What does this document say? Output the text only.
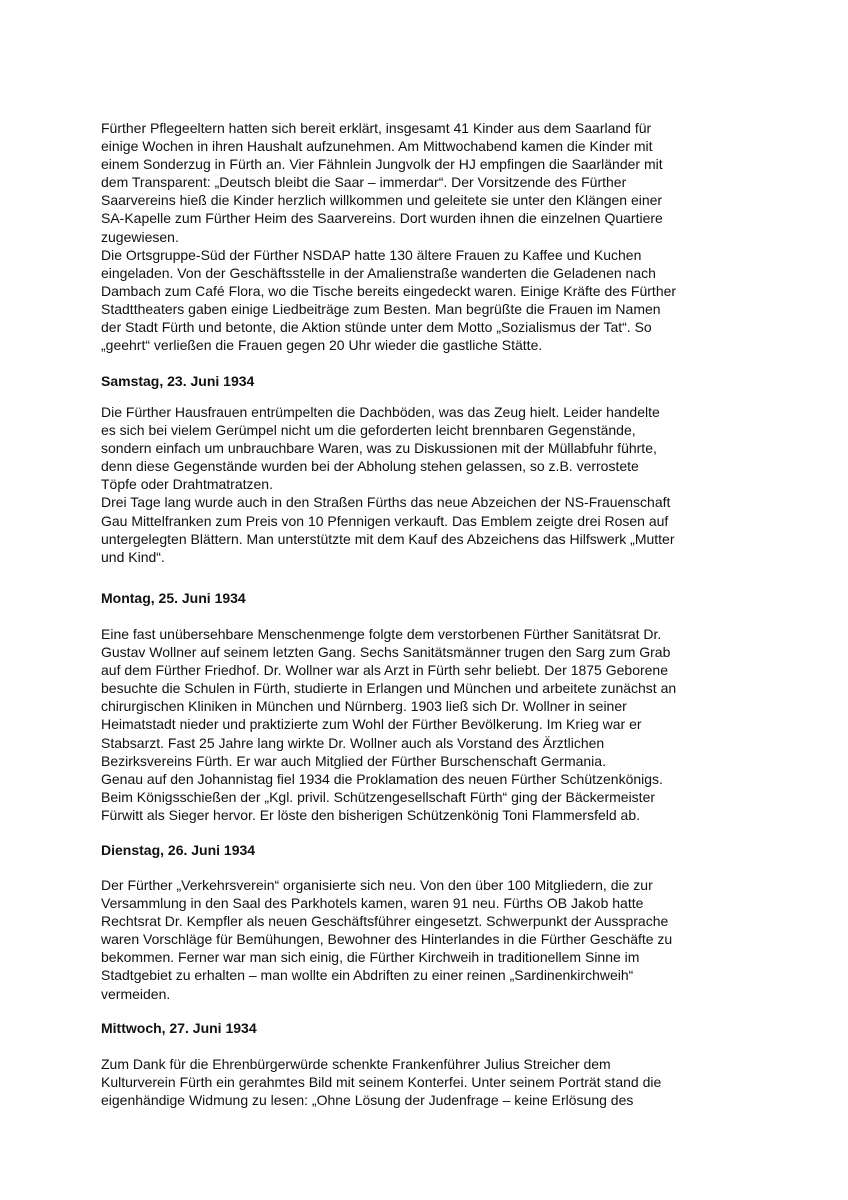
Fürther Pflegeeltern hatten sich bereit erklärt, insgesamt 41 Kinder aus dem Saarland für
einige Wochen in ihren Haushalt aufzunehmen. Am Mittwochabend kamen die Kinder mit
einem Sonderzug in Fürth an. Vier Fähnlein Jungvolk der HJ empfingen die Saarländer mit
dem Transparent: „Deutsch bleibt die Saar – immerdar“. Der Vorsitzende des Fürther
Saarvereins hieß die Kinder herzlich willkommen und geleitete sie unter den Klängen einer
SA-Kapelle zum Fürther Heim des Saarvereins. Dort wurden ihnen die einzelnen Quartiere
zugewiesen.
Die Ortsgruppe-Süd der Fürther NSDAP hatte 130 ältere Frauen zu Kaffee und Kuchen
eingeladen. Von der Geschäftsstelle in der Amalienstraße wanderten die Geladenen nach
Dambach zum Café Flora, wo die Tische bereits eingedeckt waren. Einige Kräfte des Fürther
Stadttheaters gaben einige Liedbeiträge zum Besten. Man begrüßte die Frauen im Namen
der Stadt Fürth und betonte, die Aktion stünde unter dem Motto „Sozialismus der Tat“. So
„geehrt“ verließen die Frauen gegen 20 Uhr wieder die gastliche Stätte.
Samstag, 23. Juni 1934
Die Fürther Hausfrauen entrümpelten die Dachböden, was das Zeug hielt. Leider handelte
es sich bei vielem Gerümpel nicht um die geforderten leicht brennbaren Gegenstände,
sondern einfach um unbrauchbare Waren, was zu Diskussionen mit der Müllabfuhr führte,
denn diese Gegenstände wurden bei der Abholung stehen gelassen, so z.B. verrostete
Töpfe oder Drahtmatratzen.
Drei Tage lang wurde auch in den Straßen Fürths das neue Abzeichen der NS-Frauenschaft
Gau Mittelfranken zum Preis von 10 Pfennigen verkauft. Das Emblem zeigte drei Rosen auf
untergelegten Blättern. Man unterstützte mit dem Kauf des Abzeichens das Hilfswerk „Mutter
und Kind“.
Montag, 25. Juni 1934
Eine fast unübersehbare Menschenmenge folgte dem verstorbenen Fürther Sanitätsrat Dr.
Gustav Wollner auf seinem letzten Gang. Sechs Sanitätsmänner trugen den Sarg zum Grab
auf dem Fürther Friedhof. Dr. Wollner war als Arzt in Fürth sehr beliebt. Der 1875 Geborene
besuchte die Schulen in Fürth, studierte in Erlangen und München und arbeitete zunächst an
chirurgischen Kliniken in München und Nürnberg. 1903 ließ sich Dr. Wollner in seiner
Heimatstadt nieder und praktizierte zum Wohl der Fürther Bevölkerung. Im Krieg war er
Stabsarzt. Fast 25 Jahre lang wirkte Dr. Wollner auch als Vorstand des Ärztlichen
Bezirksvereins Fürth. Er war auch Mitglied der Fürther Burschenschaft Germania.
Genau auf den Johannistag fiel 1934 die Proklamation des neuen Fürther Schützenkönigs.
Beim Königsschießen der „Kgl. privil. Schützengesellschaft Fürth“ ging der Bäckermeister
Fürwitt als Sieger hervor. Er löste den bisherigen Schützenkönig Toni Flammersfeld ab.
Dienstag, 26. Juni 1934
Der Fürther „Verkehrsverein“ organisierte sich neu. Von den über 100 Mitgliedern, die zur
Versammlung in den Saal des Parkhotels kamen, waren 91 neu. Fürths OB Jakob hatte
Rechtsrat Dr. Kempfler als neuen Geschäftsführer eingesetzt. Schwerpunkt der Aussprache
waren Vorschläge für Bemühungen, Bewohner des Hinterlandes in die Fürther Geschäfte zu
bekommen. Ferner war man sich einig, die Fürther Kirchweih in traditionellem Sinne im
Stadtgebiet zu erhalten – man wollte ein Abdriften zu einer reinen „Sardinenkirchweih“
vermeiden.
Mittwoch, 27. Juni 1934
Zum Dank für die Ehrenbürgerwürde schenkte Frankenführer Julius Streicher dem
Kulturverein Fürth ein gerahmtes Bild mit seinem Konterfei. Unter seinem Porträt stand die
eigenhändige Widmung zu lesen: „Ohne Lösung der Judenfrage – keine Erlösung des
